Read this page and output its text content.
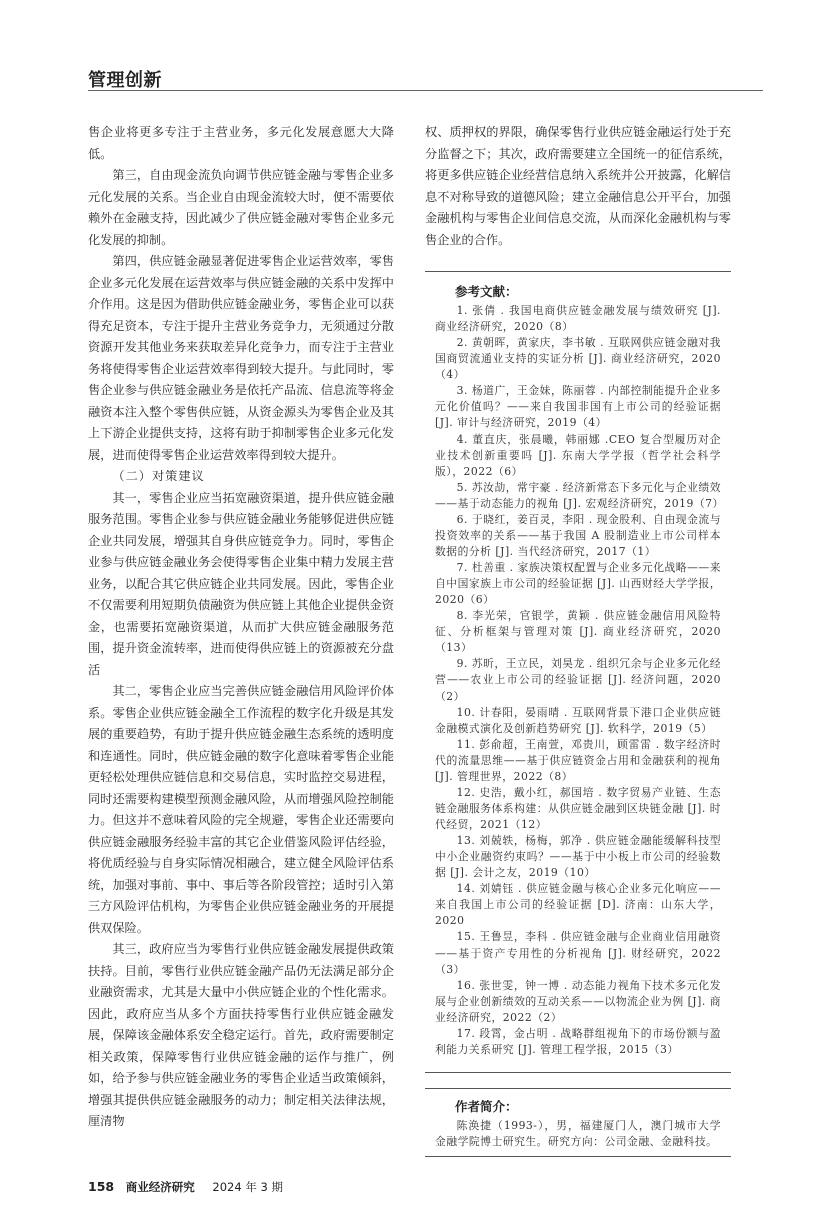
管理创新

售企业将更多专注于主营业务，多元化发展意愿大大降低。

第三，自由现金流负向调节供应链金融与零售企业多元化发展的关系。当企业自由现金流较大时，便不需要依赖外在金融支持，因此减少了供应链金融对零售企业多元化发展的抑制。

第四，供应链金融显著促进零售企业运营效率，零售企业多元化发展在运营效率与供应链金融的关系中发挥中介作用。这是因为借助供应链金融业务，零售企业可以获得充足资本，专注于提升主营业务竞争力，无须通过分散资源开发其他业务来获取差异化竞争力，而专注于主营业务将使得零售企业运营效率得到较大提升。与此同时，零售企业参与供应链金融业务是依托产品流、信息流等将金融资本注入整个零售供应链，从资金源头为零售企业及其上下游企业提供支持，这将有助于抑制零售企业多元化发展，进而使得零售企业运营效率得到较大提升。

（二）对策建议

其一，零售企业应当拓宽融资渠道，提升供应链金融服务范围。零售企业参与供应链金融业务能够促进供应链企业共同发展，增强其自身供应链竞争力。同时，零售企业参与供应链金融业务会使得零售企业集中精力发展主营业务，以配合其它供应链企业共同发展。因此，零售企业不仅需要利用短期负债融资为供应链上其他企业提供金资金，也需要拓宽融资渠道，从而扩大供应链金融服务范围，提升资金流转率，进而使得供应链上的资源被充分盘活

其二，零售企业应当完善供应链金融信用风险评价体系。零售企业供应链金融全工作流程的数字化升级是其发展的重要趋势，有助于提升供应链金融生态系统的透明度和连通性。同时，供应链金融的数字化意味着零售企业能更轻松处理供应链信息和交易信息，实时监控交易进程，同时还需要构建模型预测金融风险，从而增强风险控制能力。但这并不意味着风险的完全规避，零售企业还需要向供应链金融服务经验丰富的其它企业借鉴风险评估经验，将优质经验与自身实际情况相融合，建立健全风险评估系统，加强对事前、事中、事后等各阶段管控；适时引入第三方风险评估机构，为零售企业供应链金融业务的开展提供双保险。

其三，政府应当为零售行业供应链金融发展提供政策扶持。目前，零售行业供应链金融产品仍无法满足部分企业融资需求，尤其是大量中小供应链企业的个性化需求。因此，政府应当从多个方面扶持零售行业供应链金融发展，保障该金融体系安全稳定运行。首先，政府需要制定相关政策，保障零售行业供应链金融的运作与推广，例如，给予参与供应链金融业务的零售企业适当政策倾斜，增强其提供供应链金融服务的动力；制定相关法律法规，厘清物

权、质押权的界限，确保零售行业供应链金融运行处于充分监督之下；其次，政府需要建立全国统一的征信系统，将更多供应链企业经营信息纳入系统并公开披露，化解信息不对称导致的道德风险；建立金融信息公开平台，加强金融机构与零售企业间信息交流，从而深化金融机构与零售企业的合作。

参考文献：

1. 张倩 . 我国电商供应链金融发展与绩效研究 [J]. 商业经济研究，2020（8）

2. 黄朝晖，黄家庆，李书敏 . 互联网供应链金融对我国商贸流通业支持的实证分析 [J]. 商业经济研究，2020（4）

3. 杨道广，王金妹，陈丽蓉 . 内部控制能提升企业多元化价值吗？——来自我国非国有上市公司的经验证据 [J]. 审计与经济研究，2019（4）

4. 董直庆，张晨曦，韩丽娜 .CEO 复合型履历对企业技术创新重要吗 [J]. 东南大学学报（哲学社会科学版），2022（6）

5. 苏汝劼，常宇豪 . 经济新常态下多元化与企业绩效——基于动态能力的视角 [J]. 宏观经济研究，2019（7）

6. 于晓红，姜百灵，李阳 . 现金股利、自由现金流与投资效率的关系——基于我国 A 股制造业上市公司样本数据的分析 [J]. 当代经济研究，2017（1）

7. 杜善重 . 家族决策权配置与企业多元化战略——来自中国家族上市公司的经验证据 [J]. 山西财经大学学报，2020（6）

8. 李光荣，官银学，黄颖 . 供应链金融信用风险特征、分析框架与管理对策 [J]. 商业经济研究，2020（13）

9. 苏昕，王立民，刘昊龙 . 组织冗余与企业多元化经营——农业上市公司的经验证据 [J]. 经济问题，2020（2）

10. 计春阳，晏雨晴 . 互联网背景下港口企业供应链金融模式演化及创新趋势研究 [J]. 软科学，2019（5）

11. 彭俞超，王南萱，邓贵川，顾雷雷 . 数字经济时代的流量思维——基于供应链资金占用和金融获利的视角 [J]. 管理世界，2022（8）

12. 史浩，戴小红，郝国培 . 数字贸易产业链、生态链金融服务体系构建：从供应链金融到区块链金融 [J]. 时代经贸，2021（12）

13. 刘兢轶，杨梅，郭净 . 供应链金融能缓解科技型中小企业融资约束吗？——基于中小板上市公司的经验数据 [J]. 会计之友，2019（10）

14. 刘婧钰 . 供应链金融与核心企业多元化响应——来自我国上市公司的经验证据 [D]. 济南：山东大学，2020

15. 王鲁昱，李科 . 供应链金融与企业商业信用融资——基于资产专用性的分析视角 [J]. 财经研究，2022（3）

16. 张世雯，钟一博 . 动态能力视角下技术多元化发展与企业创新绩效的互动关系——以物流企业为例 [J]. 商业经济研究，2022（2）

17. 段霄，金占明 . 战略群组视角下的市场份额与盈利能力关系研究 [J]. 管理工程学报，2015（3）

作者简介：

陈涣捷（1993-），男，福建厦门人，澳门城市大学金融学院博士研究生。研究方向：公司金融、金融科技。

158 商业经济研究 2024 年 3 期
